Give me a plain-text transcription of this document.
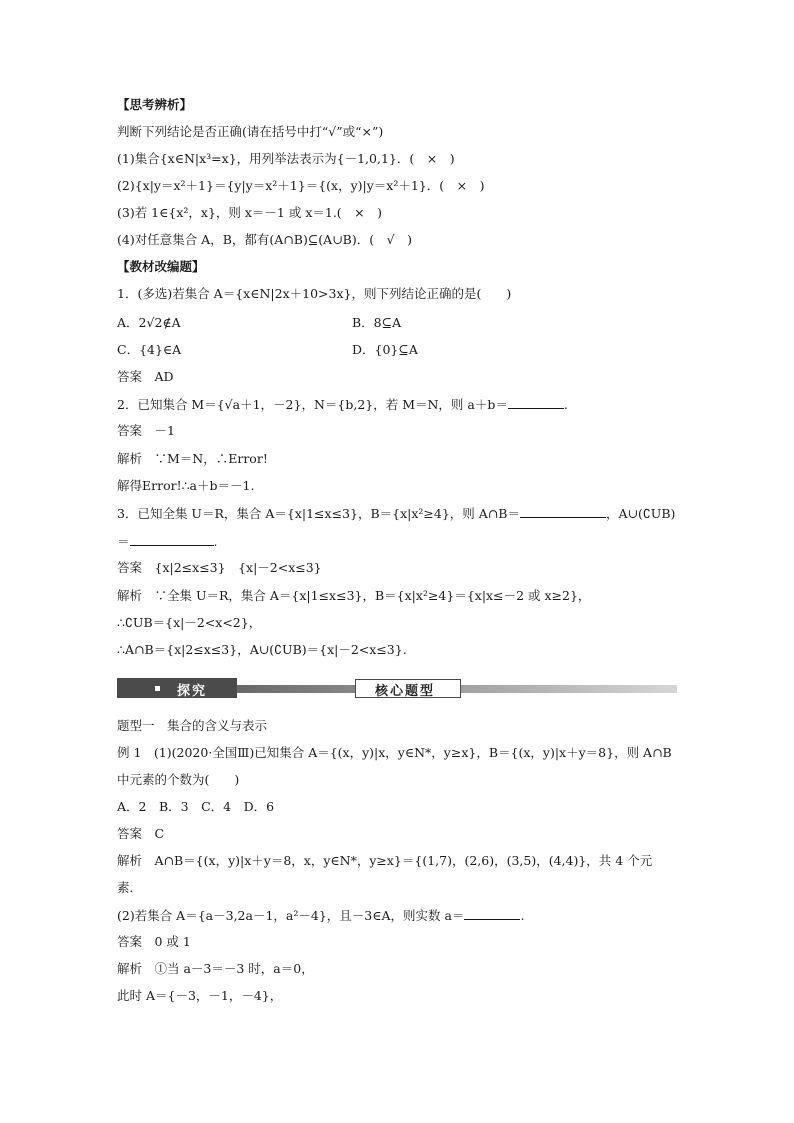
【思考辨析】
判断下列结论是否正确(请在括号中打“√”或“×”)
(1)集合{x∈N|x³=x}，用列举法表示为{－1,0,1}．(　×　)
(2){x|y＝x²＋1}＝{y|y＝x²＋1}＝{(x，y)|y＝x²＋1}．(　×　)
(3)若 1∈{x²，x}，则 x＝－1 或 x＝1.(　×　)
(4)对任意集合 A，B，都有(A∩B)⊆(A∪B)．(　√　)
【教材改编题】
1．(多选)若集合 A＝{x∈N|2x＋10>3x}，则下列结论正确的是(　　)
A．2√2∉A	B．8⊆A
C．{4}∈A	D．{0}⊆A
答案　AD
2．已知集合 M＝{√a＋1，－2}，N＝{b,2}，若 M＝N，则 a＋b＝	.
答案　－1
解析　∵M＝N，∴Error!
解得Error!∴a＋b＝－1.
3．已知全集 U＝R，集合 A＝{x|1≤x≤3}，B＝{x|x²≥4}，则 A∩B＝	，A∪(∁UB)
＝	.
答案　{x|2≤x≤3}　{x|－2<x≤3}
解析　∵全集 U＝R，集合 A＝{x|1≤x≤3}，B＝{x|x²≥4}＝{x|x≤－2 或 x≥2}，
∴∁UB＝{x|－2<x<2}，
∴A∩B＝{x|2≤x≤3}，A∪(∁UB)＝{x|－2<x≤3}.
探究	核心题型
题型一　集合的含义与表示
例 1　(1)(2020·全国Ⅲ)已知集合 A＝{(x，y)|x，y∈N*，y≥x}，B＝{(x，y)|x＋y＝8}，则 A∩B
中元素的个数为(　　)
A．2　B．3　C．4　D．6
答案　C
解析　A∩B＝{(x，y)|x＋y＝8，x，y∈N*，y≥x}＝{(1,7)，(2,6)，(3,5)，(4,4)}，共 4 个元
素．
(2)若集合 A＝{a－3,2a－1，a²－4}，且－3∈A，则实数 a＝	.
答案　0 或 1
解析　①当 a－3＝－3 时，a＝0，
此时 A＝{－3，－1，－4}，
